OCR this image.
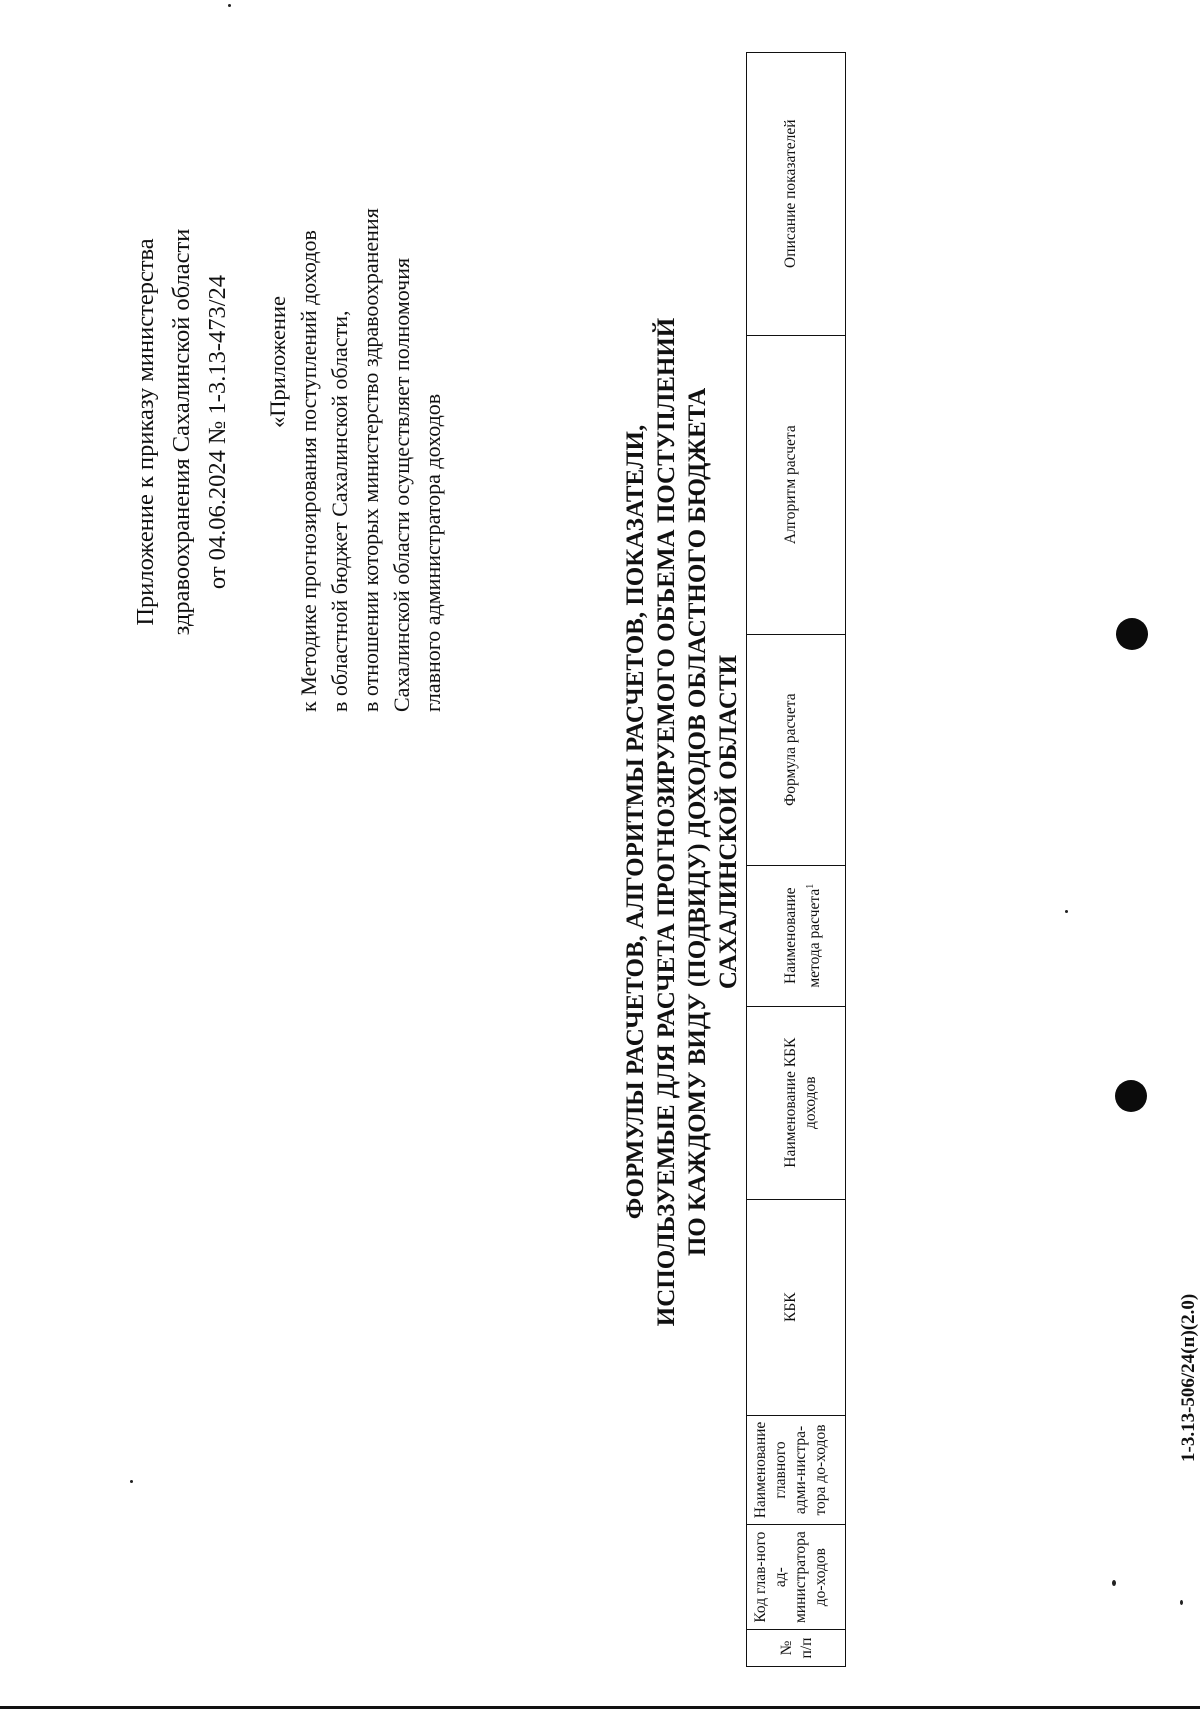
Приложение к приказу министерства здравоохранения Сахалинской области от 04.06.2024 № 1-3.13-473/24 «Приложение к Методике прогнозирования поступлений доходов в областной бюджет Сахалинской области, в отношении которых министерство здравоохранения Сахалинской области осуществляет полномочия главного администратора доходов	ФОРМУЛЫ РАСЧЕТОВ, АЛГОРИТМЫ РАСЧЕТОВ, ПОКАЗАТЕЛИ, ИСПОЛЬЗУЕМЫЕ ДЛЯ РАСЧЕТА ПРОГНОЗИРУЕМОГО ОБЪЕМА ПОСТУПЛЕНИЙ ПО КАЖДОМУ ВИДУ (ПОДВИДУ) ДОХОДОВ ОБЛАСТНОГО БЮДЖЕТА САХАЛИНСКОЙ ОБЛАСТИ
№ п/п	Код глав-ного ад-министратора до-ходов	Наименование главного адми-нистра-тора до-ходов	КБК	Наименование КБК доходов	Наименование метода расчета$^1$	Формула расчета	Алгоритм расчета	Описание показателей
1-3.13-506/24(п)(2.0)
